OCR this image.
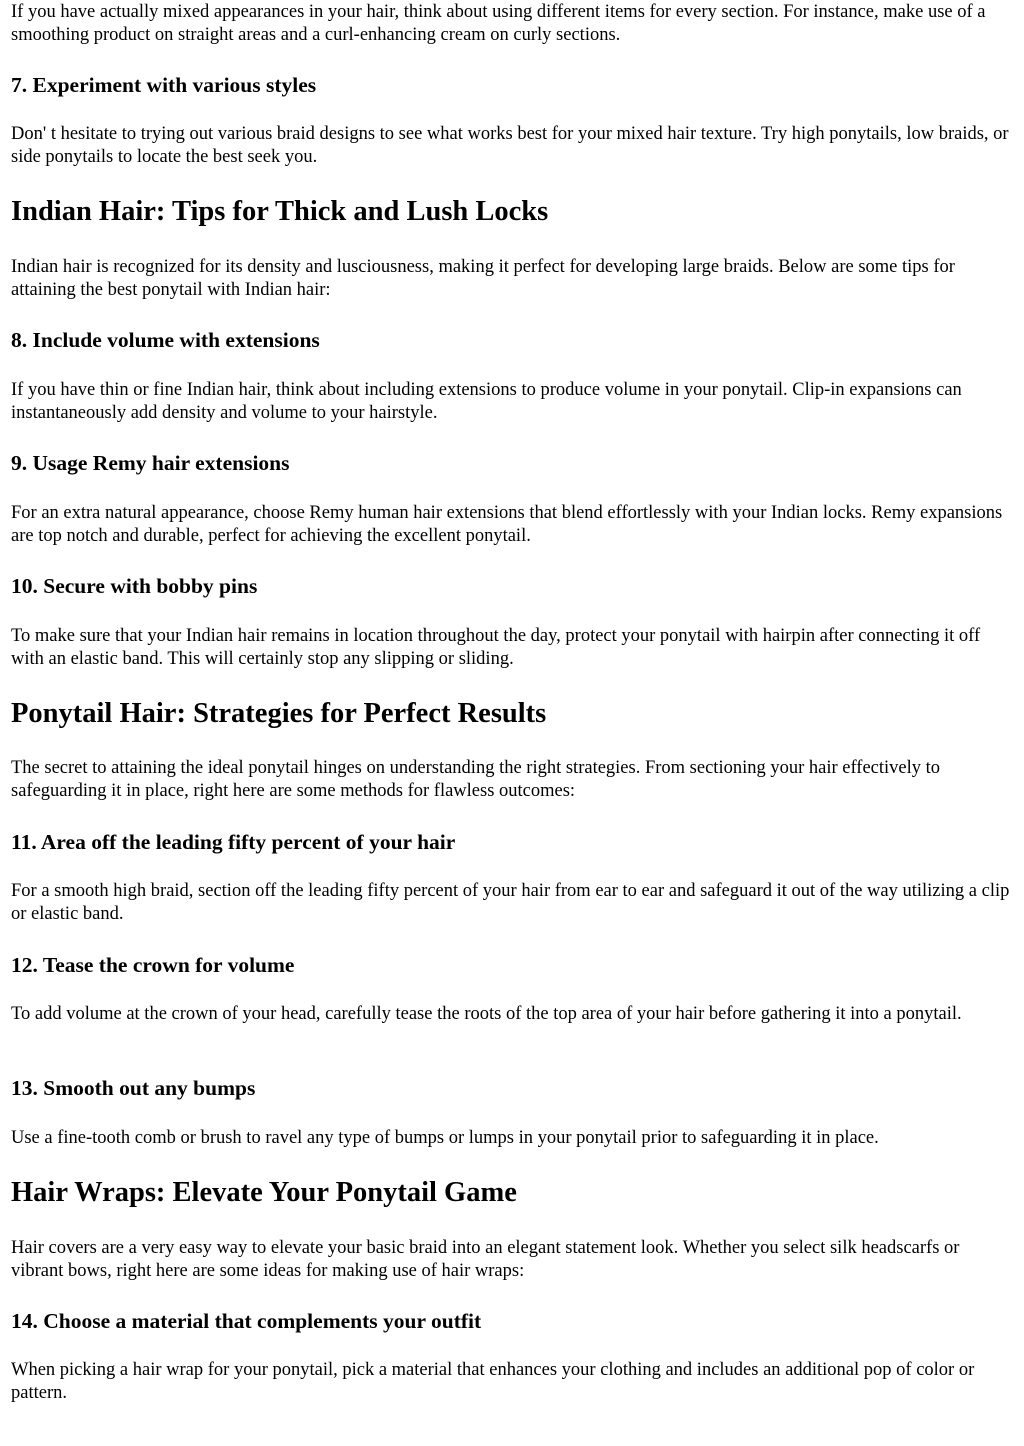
If you have actually mixed appearances in your hair, think about using different items for every section. For instance, make use of a smoothing product on straight areas and a curl-enhancing cream on curly sections.

7. Experiment with various styles

Don' t hesitate to trying out various braid designs to see what works best for your mixed hair texture. Try high ponytails, low braids, or side ponytails to locate the best seek you.

Indian Hair: Tips for Thick and Lush Locks

Indian hair is recognized for its density and lusciousness, making it perfect for developing large braids. Below are some tips for attaining the best ponytail with Indian hair:

8. Include volume with extensions

If you have thin or fine Indian hair, think about including extensions to produce volume in your ponytail. Clip-in expansions can instantaneously add density and volume to your hairstyle.

9. Usage Remy hair extensions

For an extra natural appearance, choose Remy human hair extensions that blend effortlessly with your Indian locks. Remy expansions are top notch and durable, perfect for achieving the excellent ponytail.

10. Secure with bobby pins

To make sure that your Indian hair remains in location throughout the day, protect your ponytail with hairpin after connecting it off with an elastic band. This will certainly stop any slipping or sliding.

Ponytail Hair: Strategies for Perfect Results

The secret to attaining the ideal ponytail hinges on understanding the right strategies. From sectioning your hair effectively to safeguarding it in place, right here are some methods for flawless outcomes:

11. Area off the leading fifty percent of your hair

For a smooth high braid, section off the leading fifty percent of your hair from ear to ear and safeguard it out of the way utilizing a clip or elastic band.

12. Tease the crown for volume

To add volume at the crown of your head, carefully tease the roots of the top area of your hair before gathering it into a ponytail.

13. Smooth out any bumps

Use a fine-tooth comb or brush to ravel any type of bumps or lumps in your ponytail prior to safeguarding it in place.

Hair Wraps: Elevate Your Ponytail Game

Hair covers are a very easy way to elevate your basic braid into an elegant statement look. Whether you select silk headscarfs or vibrant bows, right here are some ideas for making use of hair wraps:

14. Choose a material that complements your outfit

When picking a hair wrap for your ponytail, pick a material that enhances your clothing and includes an additional pop of color or pattern.
